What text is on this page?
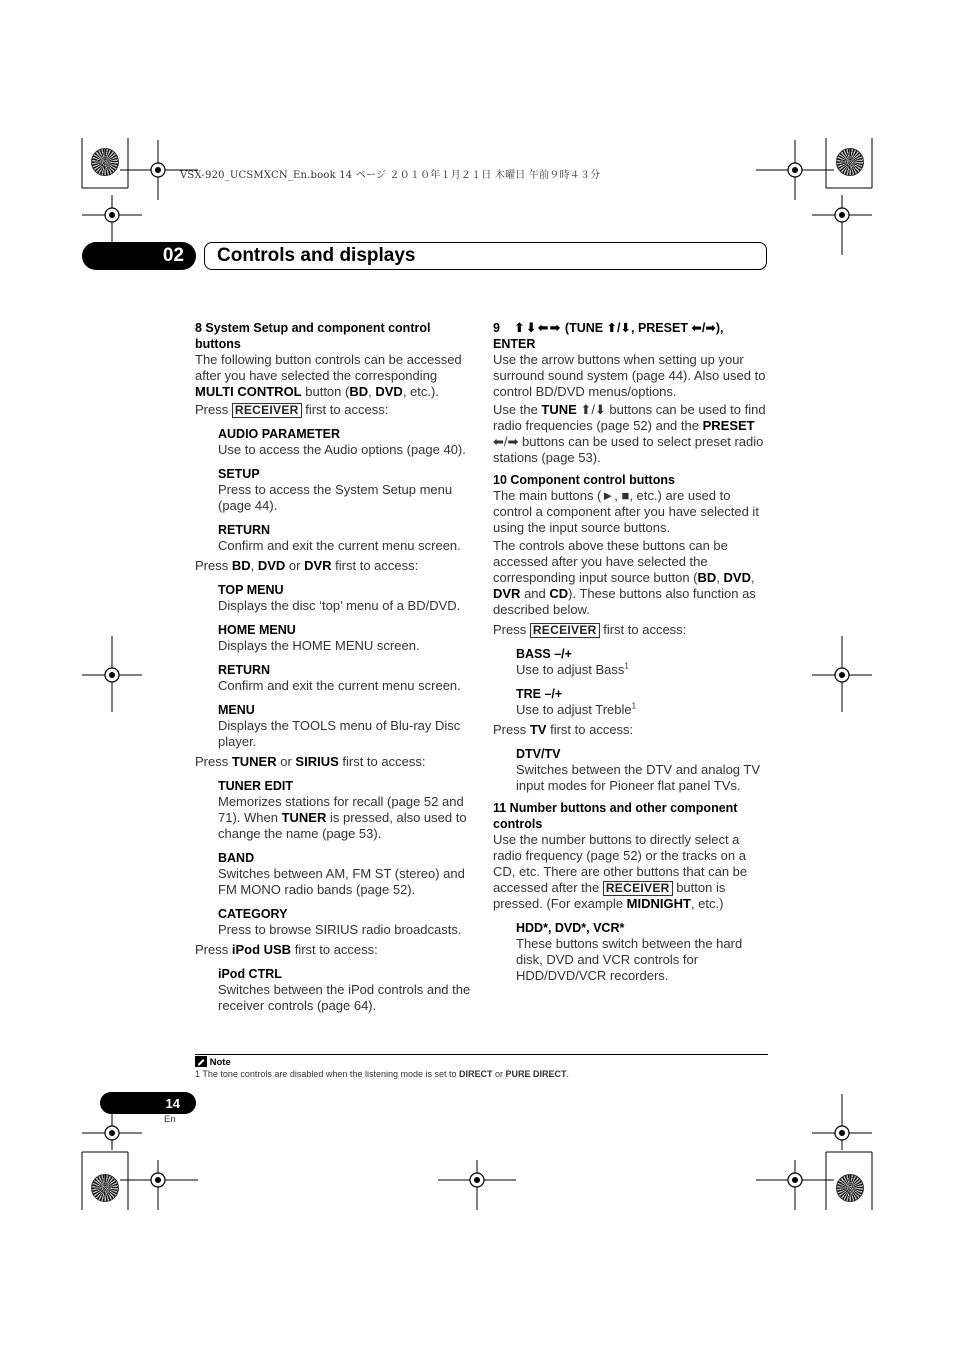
VSX-920_UCSMXCN_En.book 14 ページ ２０１０年１月２１日 木曜日 午前９時４３分
02	Controls and displays
8 System Setup and component control buttons

The following button controls can be accessed after you have selected the corresponding MULTI CONTROL button (BD, DVD, etc.).

Press RECEIVER first to access:

AUDIO PARAMETER

Use to access the Audio options (page 40).

SETUP

Press to access the System Setup menu (page 44).

RETURN

Confirm and exit the current menu screen.

Press BD, DVD or DVR first to access:

TOP MENU

Displays the disc ‘top’ menu of a BD/DVD.

HOME MENU

Displays the HOME MENU screen.

RETURN

Confirm and exit the current menu screen.

MENU

Displays the TOOLS menu of Blu-ray Disc player.

Press TUNER or SIRIUS first to access:

TUNER EDIT

Memorizes stations for recall (page 52 and 71). When TUNER is pressed, also used to change the name (page 53).

BAND

Switches between AM, FM ST (stereo) and FM MONO radio bands (page 52).

CATEGORY

Press to browse SIRIUS radio broadcasts.

Press iPod USB first to access:

iPod CTRL

Switches between the iPod controls and the receiver controls (page 64).

9 ⬆⬇⬅➡ (TUNE ⬆/⬇, PRESET ⬅/➡),
ENTER

Use the arrow buttons when setting up your surround sound system (page 44). Also used to control BD/DVD menus/options.

Use the TUNE ⬆/⬇ buttons can be used to find radio frequencies (page 52) and the PRESET ⬅/➡ buttons can be used to select preset radio stations (page 53).

10 Component control buttons

The main buttons (►, ■, etc.) are used to control a component after you have selected it using the input source buttons.

The controls above these buttons can be accessed after you have selected the corresponding input source button (BD, DVD, DVR and CD). These buttons also function as described below.

Press RECEIVER first to access:

BASS –/+

Use to adjust Bass$^1$

TRE –/+

Use to adjust Treble$^1$

Press TV first to access:

DTV/TV

Switches between the DTV and analog TV input modes for Pioneer flat panel TVs.

11 Number buttons and other component controls

Use the number buttons to directly select a radio frequency (page 52) or the tracks on a CD, etc. There are other buttons that can be accessed after the RECEIVER button is pressed. (For example MIDNIGHT, etc.)

HDD*, DVD*, VCR*

These buttons switch between the hard disk, DVD and VCR controls for HDD/DVD/VCR recorders.

Note
1 The tone controls are disabled when the listening mode is set to DIRECT or PURE DIRECT.
14
En
